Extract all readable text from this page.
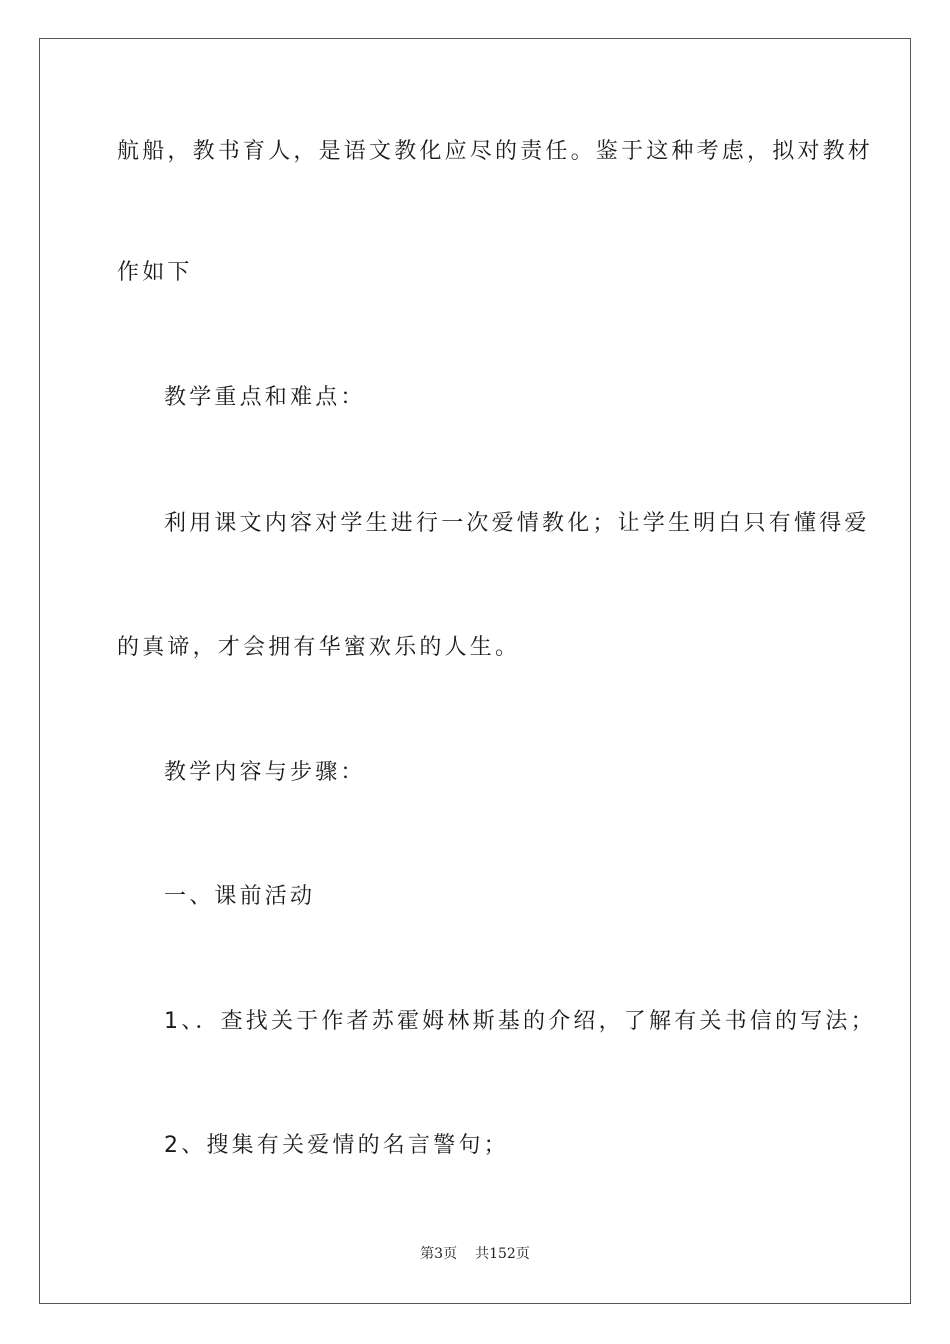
航船，教书育人，是语文教化应尽的责任。鉴于这种考虑，拟对教材
作如下
教学重点和难点：
利用课文内容对学生进行一次爱情教化；让学生明白只有懂得爱
的真谛，才会拥有华蜜欢乐的人生。
教学内容与步骤：
一、课前活动
1、．查找关于作者苏霍姆林斯基的介绍，了解有关书信的写法；
2、搜集有关爱情的名言警句；
第3页 共152页
